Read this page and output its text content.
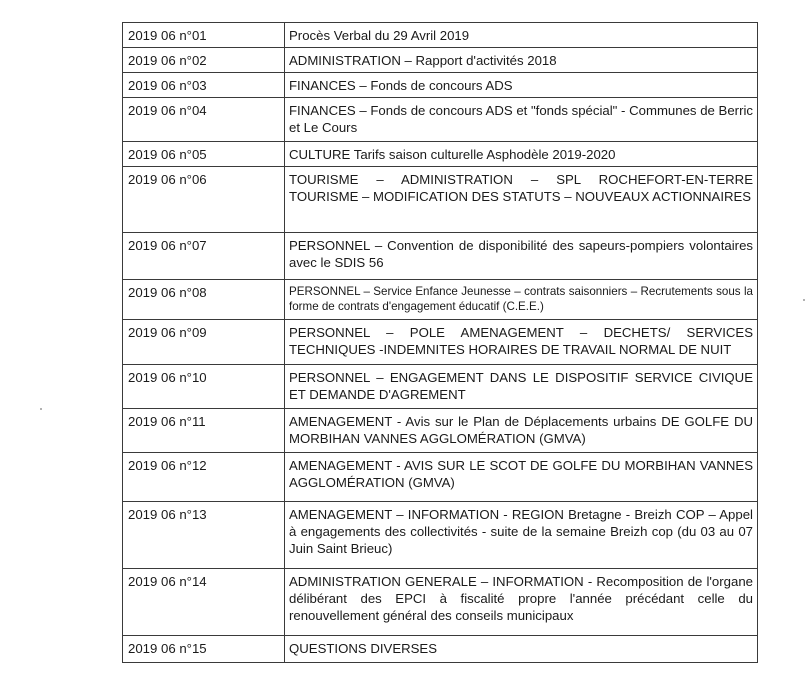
2019 06 n°01	Procès Verbal du 29 Avril 2019
2019 06 n°02	ADMINISTRATION – Rapport d'activités 2018
2019 06 n°03	FINANCES – Fonds de concours ADS
2019 06 n°04	FINANCES – Fonds de concours ADS et "fonds spécial" - Communes de Berric et Le Cours
2019 06 n°05	CULTURE Tarifs saison culturelle Asphodèle 2019-2020
2019 06 n°06	TOURISME – ADMINISTRATION – SPL ROCHEFORT-EN-TERRE TOURISME – MODIFICATION DES STATUTS – NOUVEAUX ACTIONNAIRES
2019 06 n°07	PERSONNEL – Convention de disponibilité des sapeurs-pompiers volontaires avec le SDIS 56
2019 06 n°08	PERSONNEL – Service Enfance Jeunesse – contrats saisonniers – Recrutements sous la forme de contrats d'engagement éducatif (C.E.E.)
2019 06 n°09	PERSONNEL – POLE AMENAGEMENT – DECHETS/ SERVICES TECHNIQUES -INDEMNITES HORAIRES DE TRAVAIL NORMAL DE NUIT
2019 06 n°10	PERSONNEL – ENGAGEMENT DANS LE DISPOSITIF SERVICE CIVIQUE ET DEMANDE D'AGREMENT
2019 06 n°11	AMENAGEMENT - Avis sur le Plan de Déplacements urbains DE GOLFE DU MORBIHAN VANNES AGGLOMÉRATION (GMVA)
2019 06 n°12	AMENAGEMENT - AVIS SUR LE SCOT DE GOLFE DU MORBIHAN VANNES AGGLOMÉRATION (GMVA)
2019 06 n°13	AMENAGEMENT – INFORMATION - REGION Bretagne - Breizh COP – Appel à engagements des collectivités - suite de la semaine Breizh cop (du 03 au 07 Juin Saint Brieuc)
2019 06 n°14	ADMINISTRATION GENERALE – INFORMATION - Recomposition de l'organe délibérant des EPCI à fiscalité propre l'année précédant celle du renouvellement général des conseils municipaux
2019 06 n°15	QUESTIONS DIVERSES
